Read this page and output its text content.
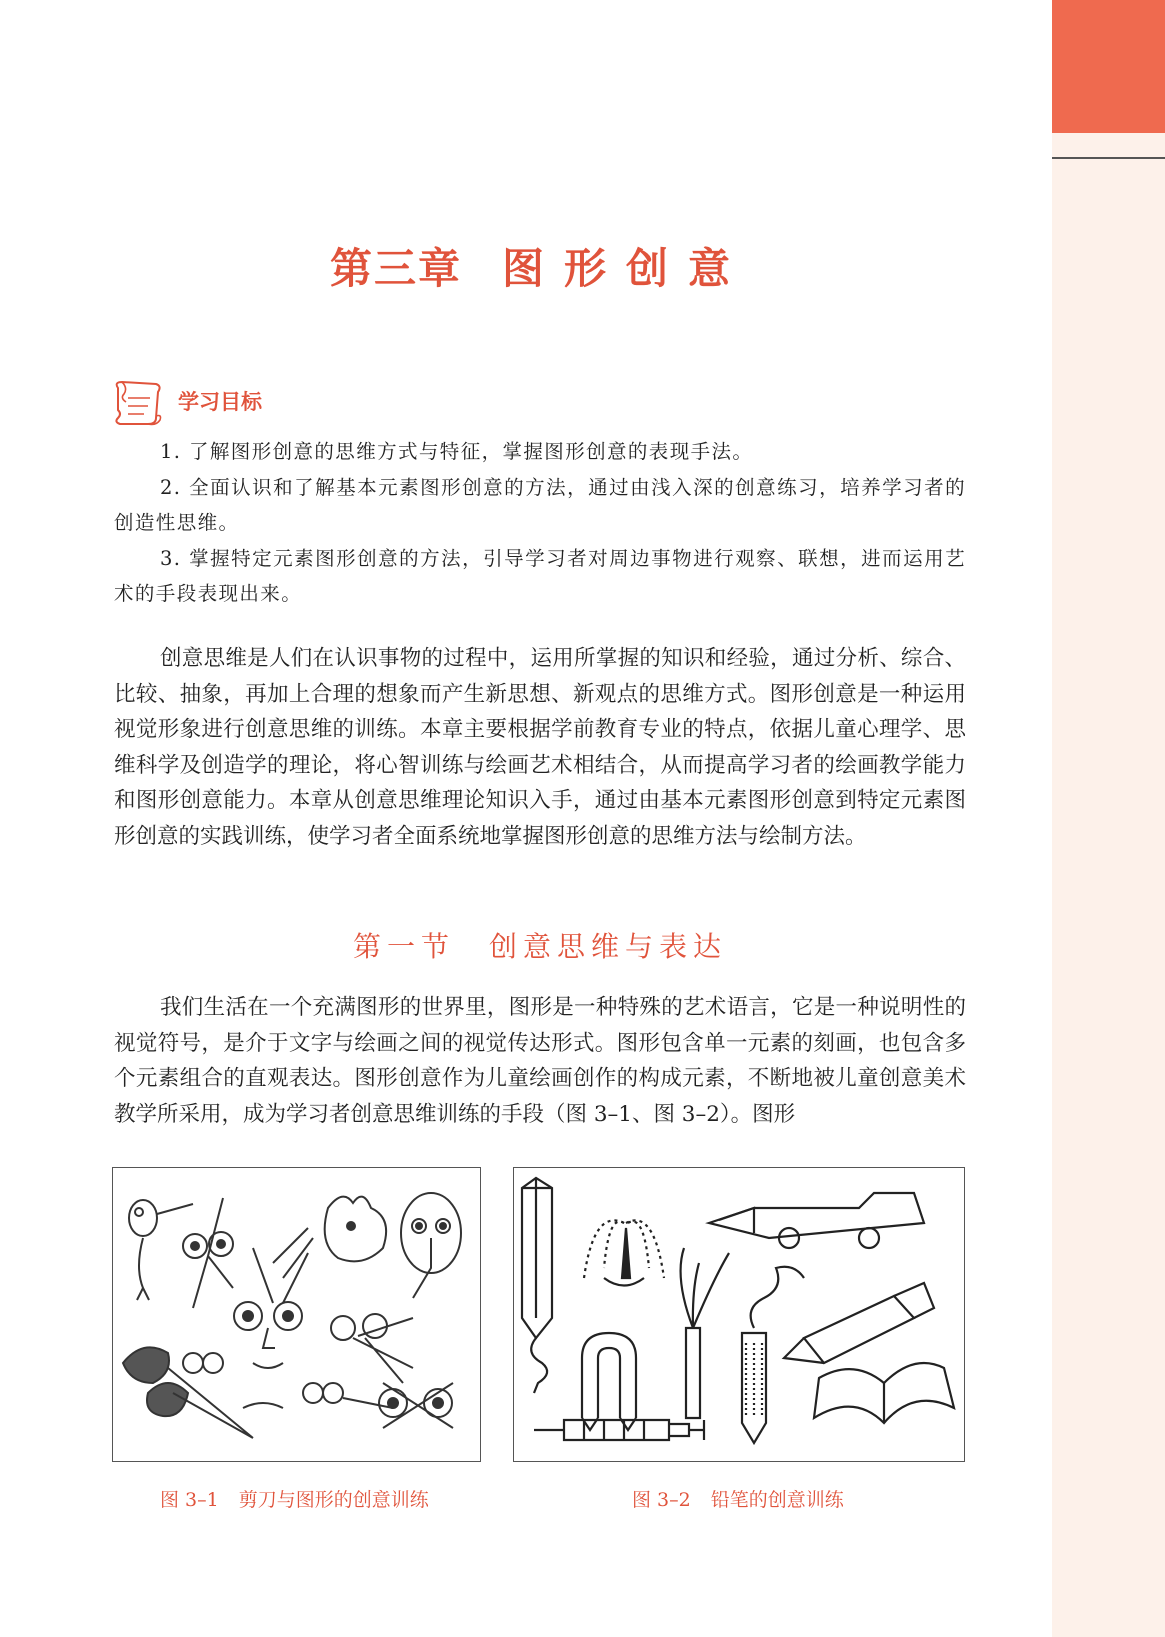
第三章 图形创意
学习目标

1. 了解图形创意的思维方式与特征，掌握图形创意的表现手法。

2. 全面认识和了解基本元素图形创意的方法，通过由浅入深的创意练习，培养学习者的创造性思维。

3. 掌握特定元素图形创意的方法，引导学习者对周边事物进行观察、联想，进而运用艺术的手段表现出来。

创意思维是人们在认识事物的过程中，运用所掌握的知识和经验，通过分析、综合、比较、抽象，再加上合理的想象而产生新思想、新观点的思维方式。图形创意是一种运用视觉形象进行创意思维的训练。本章主要根据学前教育专业的特点，依据儿童心理学、思维科学及创造学的理论，将心智训练与绘画艺术相结合，从而提高学习者的绘画教学能力和图形创意能力。本章从创意思维理论知识入手，通过由基本元素图形创意到特定元素图形创意的实践训练，使学习者全面系统地掌握图形创意的思维方法与绘制方法。

第一节 创意思维与表达

我们生活在一个充满图形的世界里，图形是一种特殊的艺术语言，它是一种说明性的视觉符号，是介于文字与绘画之间的视觉传达形式。图形包含单一元素的刻画，也包含多个元素组合的直观表达。图形创意作为儿童绘画创作的构成元素，不断地被儿童创意美术教学所采用，成为学习者创意思维训练的手段（图 3–1、图 3–2）。图形

图 3–1 剪刀与图形的创意训练	图 3–2 铅笔的创意训练
